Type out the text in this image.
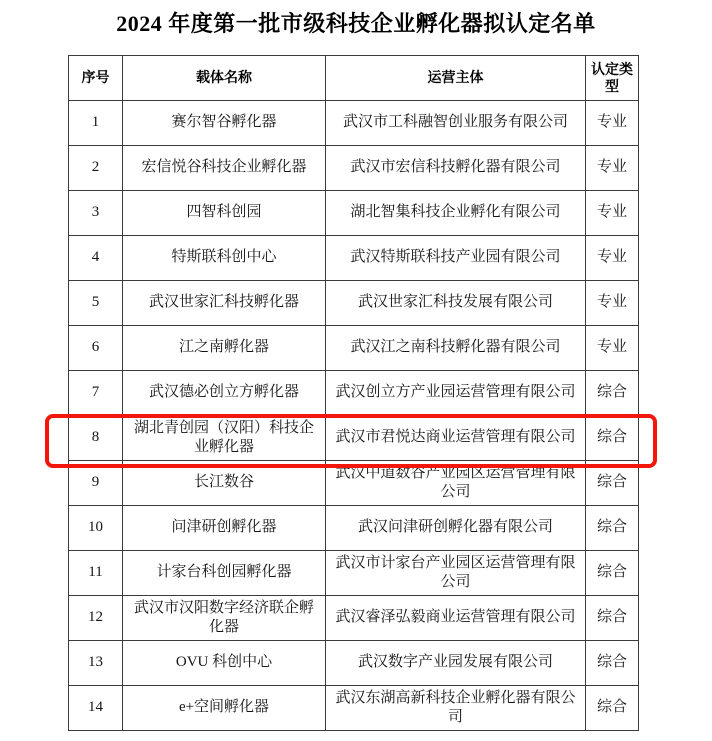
2024 年度第一批市级科技企业孵化器拟认定名单
序号	载体名称	运营主体	认定类型
1	赛尔智谷孵化器	武汉市工科融智创业服务有限公司	专业
2	宏信悦谷科技企业孵化器	武汉市宏信科技孵化器有限公司	专业
3	四智科创园	湖北智集科技企业孵化有限公司	专业
4	特斯联科创中心	武汉特斯联科技产业园有限公司	专业
5	武汉世家汇科技孵化器	武汉世家汇科技发展有限公司	专业
6	江之南孵化器	武汉江之南科技孵化器有限公司	专业
7	武汉德必创立方孵化器	武汉创立方产业园运营管理有限公司	综合
8	湖北青创园（汉阳）科技企业孵化器	武汉市君悦达商业运营管理有限公司	综合
9	长江数谷	武汉中道数谷产业园区运营管理有限公司	综合
10	问津研创孵化器	武汉问津研创孵化器有限公司	综合
11	计家台科创园孵化器	武汉市计家台产业园区运营管理有限公司	综合
12	武汉市汉阳数字经济联企孵化器	武汉睿泽弘毅商业运营管理有限公司	综合
13	OVU 科创中心	武汉数字产业园发展有限公司	综合
14	e+空间孵化器	武汉东湖高新科技企业孵化器有限公司	综合
